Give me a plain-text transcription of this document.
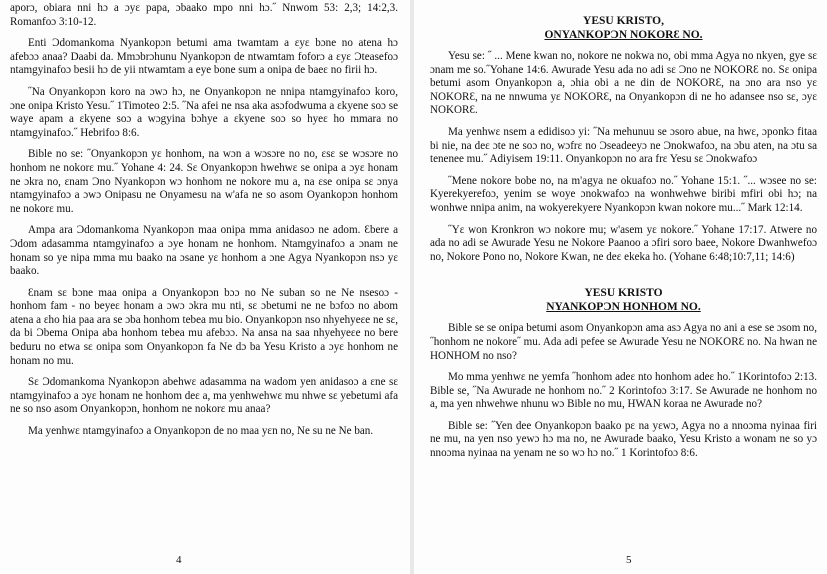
aporɔ, obiara nni hɔ a ɔyɛ papa, ɔbaako mpo nni hɔ.˝ Nnwom 53: 2,3; 14:2,3. Romanfoɔ 3:10-12.

Enti Ɔdomankoma Nyankopɔn betumi ama twamtam a ɛyɛ bɔne no atena hɔ afebɔɔ anaa? Daabi da. Mmɔbrɔhunu Nyankopɔn de ntwamtam foforɔ a ɛyɛ Ɔteasefoɔ ntamgyinafoɔ besii hɔ de yii ntwamtam a eye bone sum a onipa de baeɛ no firii hɔ.

˝Na Onyankopɔn koro na ɔwɔ hɔ, ne Onyankopɔn ne nnipa ntamgyinafoɔ koro, ɔne onipa Kristo Yesu.˝ 1Timoteo 2:5. ˝Na afei ne nsa aka asɔfodwuma a ɛkyene soɔ se waye apam a ɛkyene soɔ a wɔgyina bɔhye a ɛkyene soɔ so hyeɛ ho mmara no ntamgyinafoɔ.˝ Hebrifoɔ 8:6.

Bible no se: ˝Onyankopɔn yɛ honhom, na wɔn a wɔsɔre no no, ɛsɛ se wɔsɔre no honhom ne nokorɛ mu.˝ Yohane 4: 24. Sɛ Onyankopɔn hwehwɛ se onipa a ɔyɛ honam ne ɔkra no, ɛnam Ɔno Nyankopɔn wɔ honhom ne nokore mu a, na ɛse onipa sɛ ɔnya ntamgyinafoɔ a ɔwɔ Onipasu ne Onyamesu na w'afa ne so asom Oyankopɔn honhom ne nokorɛ mu.

Ampa ara Ɔdomankoma Nyankopɔn maa onipa mma anidasoɔ ne adom. Ɛbere a Ɔdom adasamma ntamgyinafoɔ a ɔye honam ne honhom. Ntamgyinafoɔ a ɔnam ne honam so ye nipa mma mu baako na ɔsane yɛ honhom a ɔne Agya Nyankopɔn nsɔ yɛ baako.

Ɛnam sɛ bɔne maa onipa a Onyankopɔn bɔɔ no Ne suban so ne Ne nsesoɔ - honhom fam - no beyeɛ honam a ɔwɔ ɔkra mu nti, sɛ ɔbetumi ne ne bɔfoɔ no abom atena a ɛho hia paa ara se ɔba honhom tebea mu bio. Onyankopɔn nso nhyehyeɛe ne sɛ, da bi Ɔbema Onipa aba honhom tebea mu afebɔɔ. Na ansa na saa nhyehyeɛe no bere beduru no etwa sɛ onipa som Onyankopɔn fa Ne dɔ ba Yesu Kristo a ɔyɛ honhom ne honam no mu.

Sɛ Ɔdomankoma Nyankopɔn abehwɛ adasamma na wadom yen anidasoɔ a ɛne sɛ ntamgyinafoɔ a ɔyɛ honam ne honhom deɛ a, ma yenhwehwɛ mu nhwe sɛ yebetumi afa ne so nso asom Onyankopɔn, honhom ne nokorɛ mu anaa?

Ma yenhwɛ ntamgyinafoɔ a Onyankopɔn de no maa yɛn no, Ne su ne Ne ban.

4
YESU KRISTO,
ONYANKOPƆN NOKORƐ NO.

Yesu se: ˝ ... Mene kwan no, nokore ne nokwa no, obi mma Agya no nkyen, gye sɛ ɔnam me so.˝Yohane 14:6. Awurade Yesu ada no adi sɛ Ɔno ne NOKORƐ no. Sɛ onipa betumi asom Onyankopɔn a, ɔhia obi a ne din de NOKORƐ, na ɔno ara nso yɛ NOKORƐ, na ne nnwuma yɛ NOKORƐ, na Onyankopɔn di ne ho adansee nso sɛ, ɔyɛ NOKORƐ.

Ma yenhwɛ nsem a edidisoɔ yi: ˝Na mehunuu se ɔsoro abue, na hwɛ, ɔponkɔ fitaa bi nie, na deɛ ɔte ne soɔ no, wɔfrɛ no Ɔseadeeyɔ ne Ɔnokwafoɔ, na ɔbu aten, na ɔtu sa tenenee mu.˝ Adiyisem 19:11. Onyankopɔn no ara frɛ Yesu sɛ Ɔnokwafoɔ

˝Mene nokore bobe no, na m'agya ne okuafoɔ no.˝ Yohane 15:1. ˝... wɔsee no se: Kyerekyerefoɔ, yenim se woye ɔnokwafoɔ na wonhwehwe biribi mfiri obi hɔ; na wonhwe nnipa anim, na wokyerekyere Nyankopɔn kwan nokore mu...˝ Mark 12:14.

˝Yɛ won Kronkron wɔ nokore mu; w'asem yɛ nokore.˝ Yohane 17:17. Atwere no ada no adi se Awurade Yesu ne Nokore Paanoo a ɔfiri soro baee, Nokore Dwanhwefoɔ no, Nokore Pono no, Nokore Kwan, ne deɛ ekeka ho. (Yohane 6:48;10:7,11; 14:6)

YESU KRISTO
NYANKOPƆN HONHOM NO.

Bible se se onipa betumi asom Onyankopɔn ama asɔ Agya no ani a ese se ɔsom no, ˝honhom ne nokore˝ mu. Ada adi pefee se Awurade Yesu ne NOKORƐ no. Na hwan ne HONHOM no nso?

Mo mma yenhwɛ ne yemfa ˝honhom adeɛ nto honhom adeɛ ho.˝ 1Korintofoɔ 2:13. Bible se, ˝Na Awurade ne honhom no.˝ 2 Korintofoɔ 3:17. Se Awurade ne honhom no a, ma yen nhwehwe nhunu wɔ Bible no mu, HWAN koraa ne Awurade no?

Bible se: ˝Yen dee Onyankopɔn baako pɛ na yɛwɔ, Agya no a nnoɔma nyinaa firi ne mu, na yen nso yewɔ hɔ ma no, ne Awurade baako, Yesu Kristo a wonam ne so yɔ nnoɔma nyinaa na yenam ne so wɔ hɔ no.˝ 1 Korintofoɔ 8:6.

5
